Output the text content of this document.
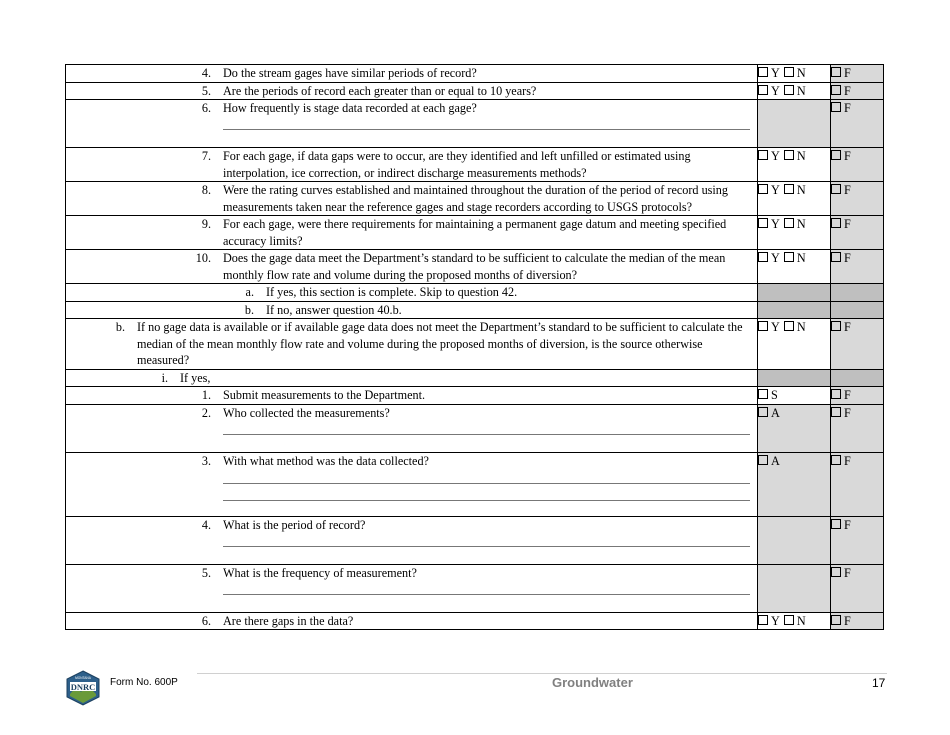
4. Do the stream gages have similar periods of record?	Y N	F

5. Are the periods of record each greater than or equal to 10 years?	Y N	F

6. How frequently is stage data recorded at each gage?		F

7. For each gage, if data gaps were to occur, are they identified and left unfilled or estimated using interpolation, ice correction, or indirect discharge measurements methods?	Y N	F

8. Were the rating curves established and maintained throughout the duration of the period of record using measurements taken near the reference gages and stage recorders according to USGS protocols?	Y N	F

9. For each gage, were there requirements for maintaining a permanent gage datum and meeting specified accuracy limits?	Y N	F

10. Does the gage data meet the Department’s standard to be sufficient to calculate the median of the mean monthly flow rate and volume during the proposed months of diversion?	Y N	F

a. If yes, this section is complete. Skip to question 42.		

b. If no, answer question 40.b.		

b. If no gage data is available or if available gage data does not meet the Department’s standard to be sufficient to calculate the median of the mean monthly flow rate and volume during the proposed months of diversion, is the source otherwise measured?	Y N	F

i. If yes,		

1. Submit measurements to the Department.	S	F

2. Who collected the measurements?	A	F

3. With what method was the data collected?	A	F

4. What is the period of record?		F

5. What is the frequency of measurement?		F

6. Are there gaps in the data?	Y N	F
DNRC
MONTANA Form No. 600P	Groundwater	17
